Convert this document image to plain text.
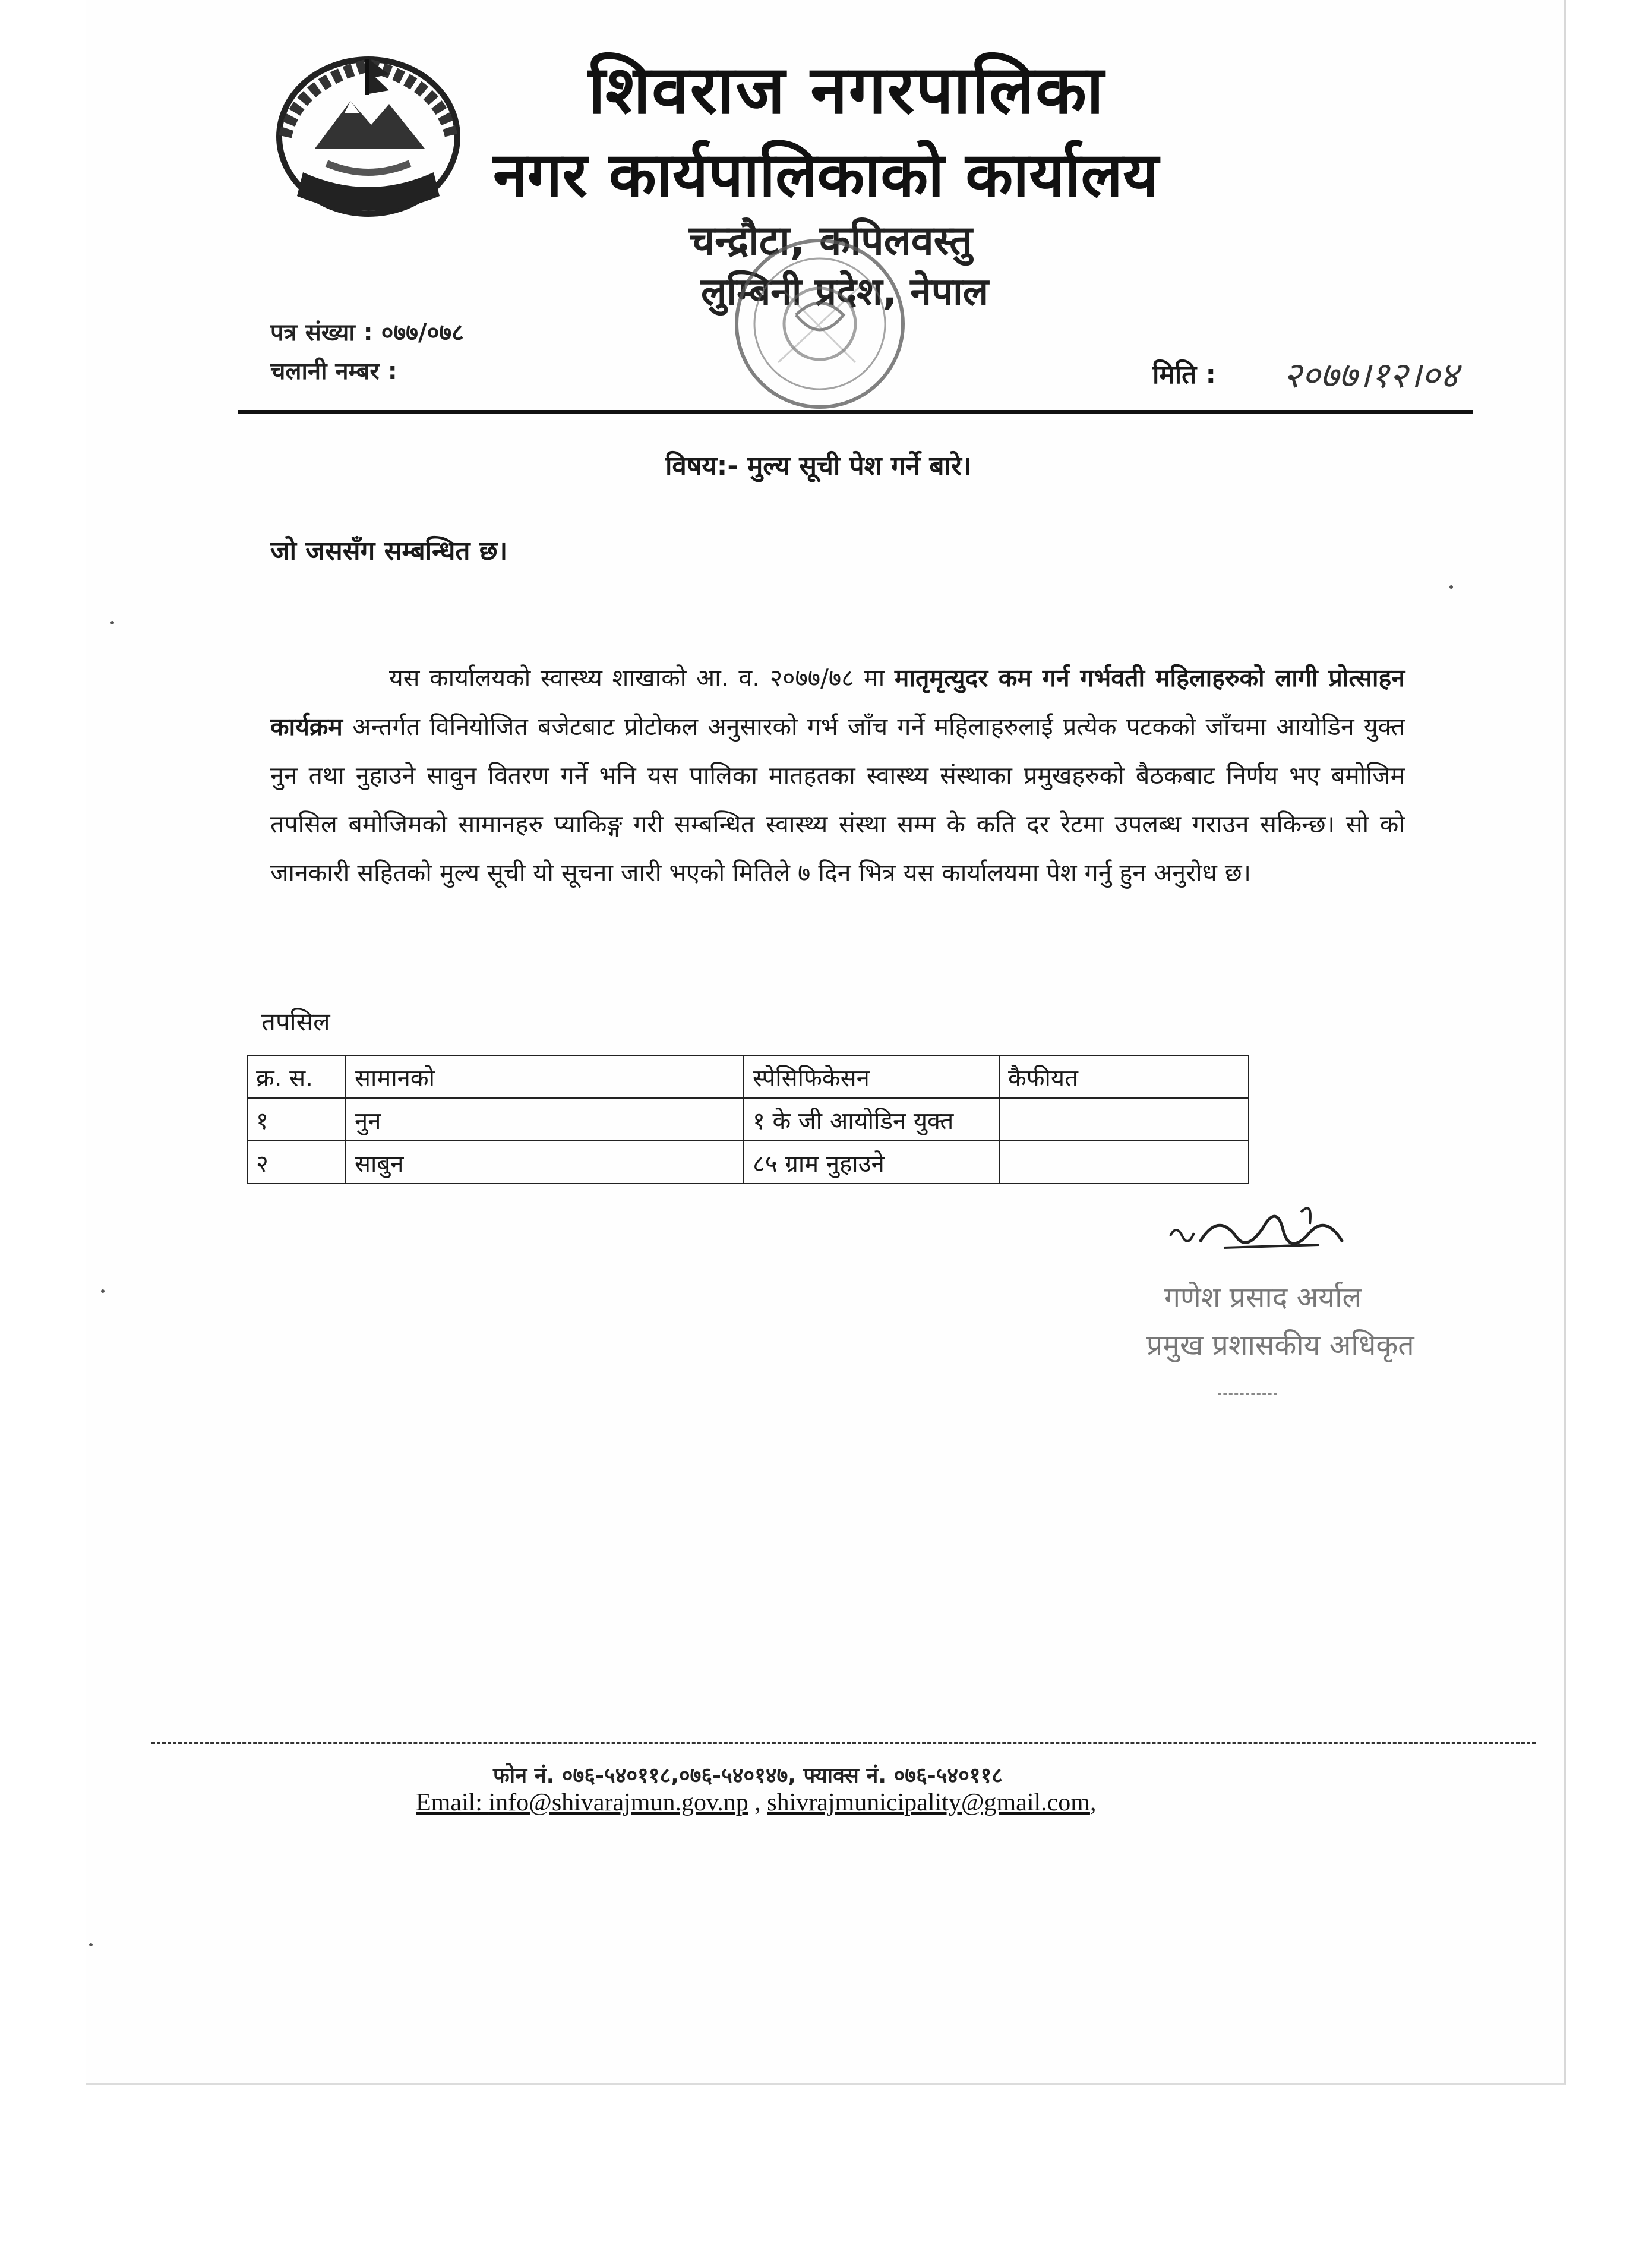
शिवराज नगरपालिका
नगर कार्यपालिकाको कार्यालय
चन्द्रौटा, कपिलवस्तु
लुम्बिनी प्रदेश, नेपाल
पत्र संख्या : ०७७/०७८
चलानी नम्बर :	मिति : २०७७।१२।०४
विषय:- मुल्य सूची पेश गर्ने बारे।
जो जससँग सम्बन्धित छ।
यस कार्यालयको स्वास्थ्य शाखाको आ. व. २०७७/७८ मा मातृमृत्युदर कम गर्न गर्भवती महिलाहरुको लागी प्रोत्साहन कार्यक्रम अन्तर्गत विनियोजित बजेटबाट प्रोटोकल अनुसारको गर्भ जाँच गर्ने महिलाहरुलाई प्रत्येक पटकको जाँचमा आयोडिन युक्त नुन तथा नुहाउने सावुन वितरण गर्ने भनि यस पालिका मातहतका स्वास्थ्य संस्थाका प्रमुखहरुको बैठकबाट निर्णय भए बमोजिम तपसिल बमोजिमको सामानहरु प्याकिङ्ग गरी सम्बन्धित स्वास्थ्य संस्था सम्म के कति दर रेटमा उपलब्ध गराउन सकिन्छ। सो को जानकारी सहितको मुल्य सूची यो सूचना जारी भएको मितिले ७ दिन भित्र यस कार्यालयमा पेश गर्नु हुन अनुरोध छ।
तपसिल
क्र. स.	सामानको	स्पेसिफिकेसन	कैफीयत
१	नुन	१ के जी आयोडिन युक्त	
२	साबुन	८५ ग्राम नुहाउने	
गणेश प्रसाद अर्याल
प्रमुख प्रशासकीय अधिकृत
फोन नं. ०७६-५४०११८,०७६-५४०१४७, फ्याक्स नं. ०७६-५४०११८
Email: info@shivarajmun.gov.np , shivrajmunicipality@gmail.com,
